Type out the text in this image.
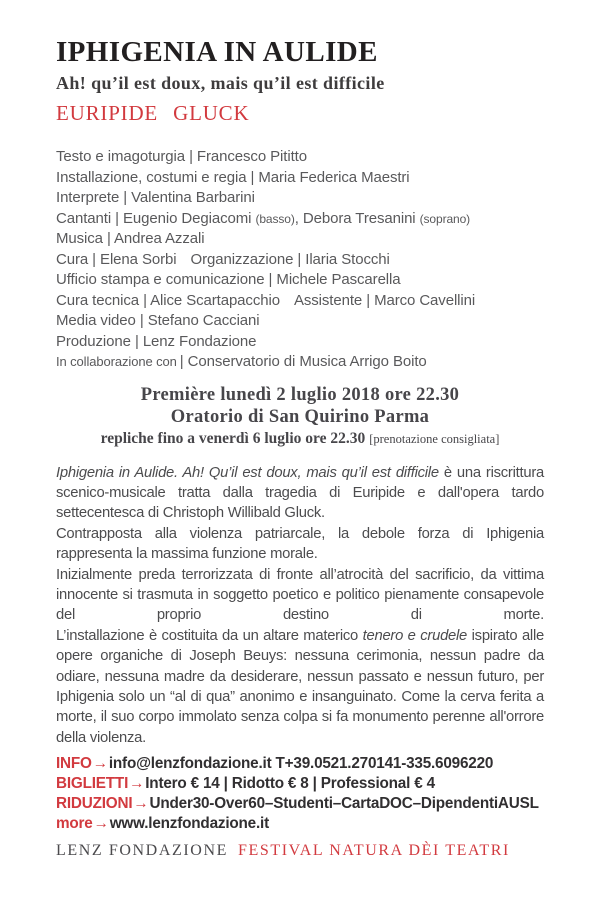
IPHIGENIA IN AULIDE
Ah! qu’il est doux, mais qu’il est difficile
EURIPIDE GLUCK
Testo e imagoturgia | Francesco Pititto
Installazione, costumi e regia | Maria Federica Maestri
Interprete | Valentina Barbarini
Cantanti | Eugenio Degiacomi (basso), Debora Tresanini (soprano)
Musica | Andrea Azzali
Cura | Elena Sorbi Organizzazione | Ilaria Stocchi
Ufficio stampa e comunicazione | Michele Pascarella
Cura tecnica | Alice Scartapacchio Assistente | Marco Cavellini
Media video | Stefano Cacciani
Produzione | Lenz Fondazione
In collaborazione con | Conservatorio di Musica Arrigo Boito
Première lunedì 2 luglio 2018 ore 22.30
Oratorio di San Quirino Parma
repliche fino a venerdì 6 luglio ore 22.30 [prenotazione consigliata]

Iphigenia in Aulide. Ah! Qu’il est doux, mais qu’il est difficile è una riscrittura scenico-musicale tratta dalla tragedia di Euripide e dall'opera tardo settecentesca di Christoph Willibald Gluck.

Contrapposta alla violenza patriarcale, la debole forza di Iphigenia rappresenta la massima funzione morale.

Inizialmente preda terrorizzata di fronte all’atrocità del sacrificio, da vittima innocente si trasmuta in soggetto poetico e politico pienamente consapevole del proprio destino di morte.

L’installazione è costituita da un altare materico tenero e crudele ispirato alle opere organiche di Joseph Beuys: nessuna cerimonia, nessun padre da odiare, nessuna madre da desiderare, nessun passato e nessun futuro, per Iphigenia solo un “al di qua” anonimo e insanguinato. Come la cerva ferita a morte, il suo corpo immolato senza colpa si fa monumento perenne all'orrore della violenza.

INFO→info@lenzfondazione.it T+39.0521.270141-335.6096220
BIGLIETTI→Intero € 14 | Ridotto € 8 | Professional € 4
RIDUZIONI→Under30-Over60–Studenti–CartaDOC–DipendentiAUSL
more→www.lenzfondazione.it
LENZ FONDAZIONE FESTIVAL NATURA DÈI TEATRI
